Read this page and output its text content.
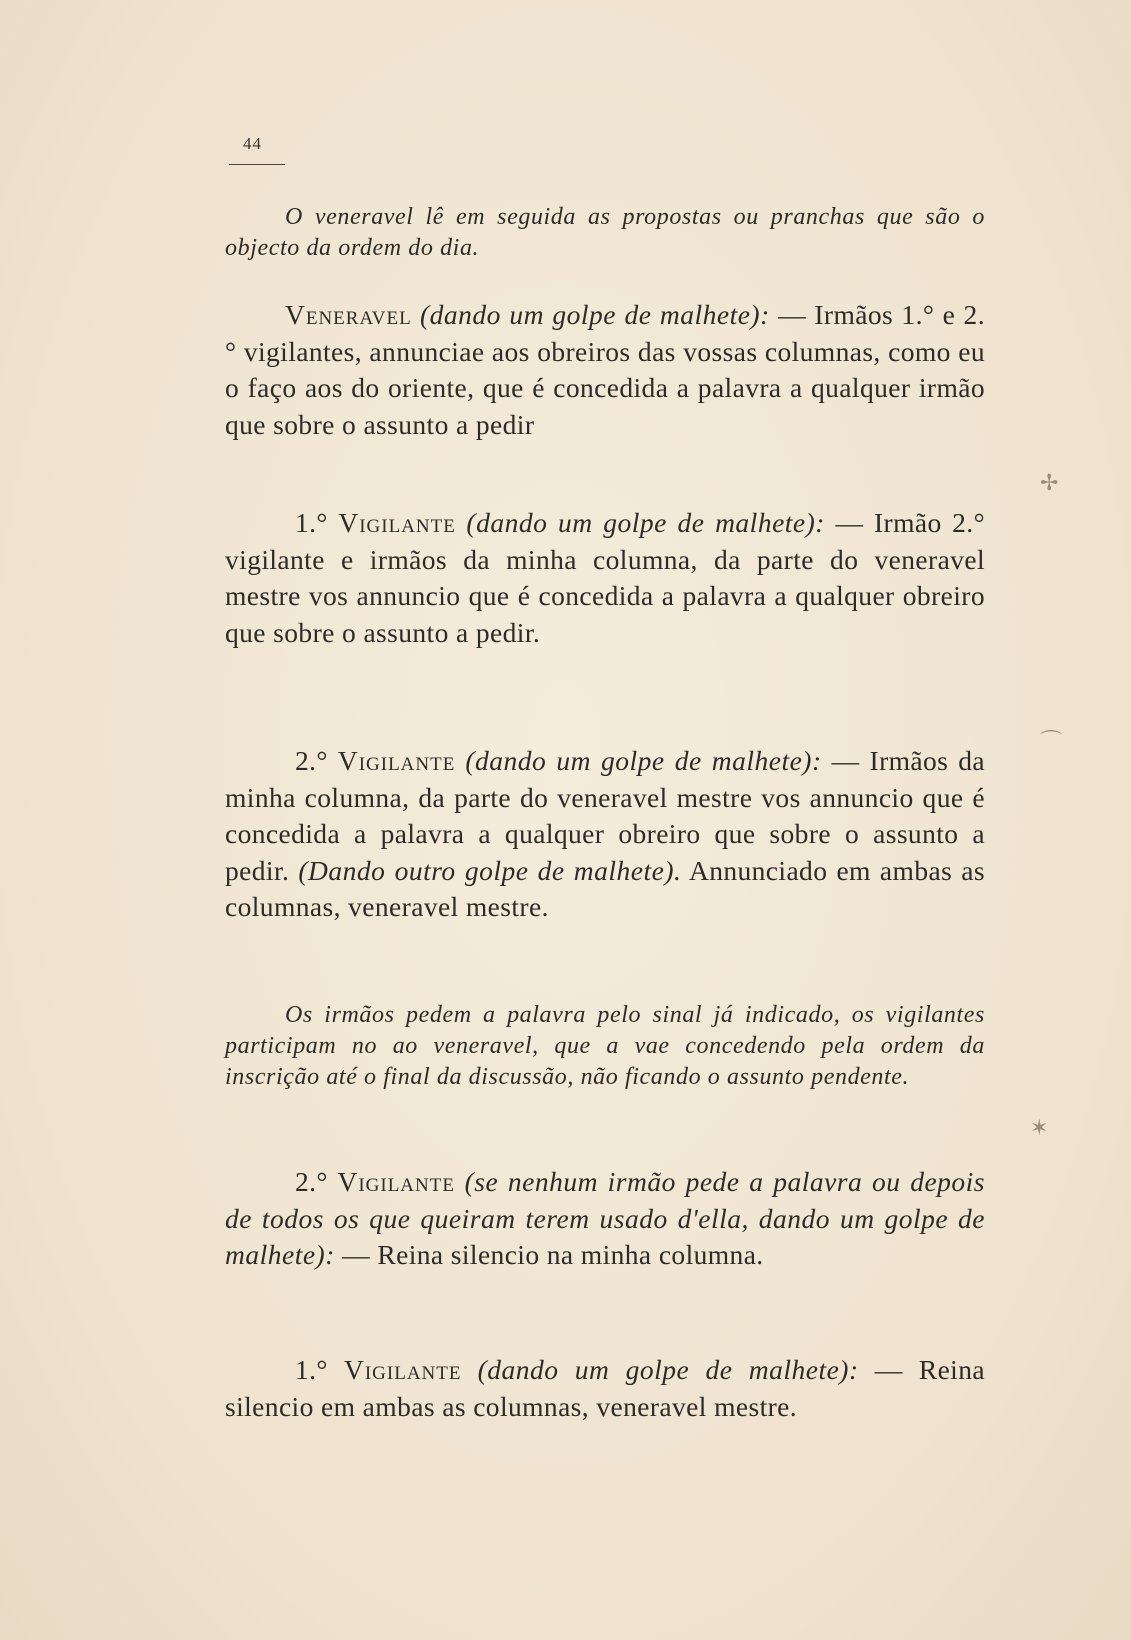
44
O veneravel lê em seguida as propostas ou pranchas que são o objecto da ordem do dia.
Veneravel (dando um golpe de malhete): — Irmãos 1.° e 2.° vigilantes, annunciae aos obreiros das vossas columnas, como eu o faço aos do oriente, que é concedida a palavra a qualquer irmão que sobre o assunto a pedir
1.° Vigilante (dando um golpe de malhete): — Irmão 2.° vigilante e irmãos da minha columna, da parte do veneravel mestre vos annuncio que é concedida a palavra a qualquer obreiro que sobre o assunto a pedir.
2.° Vigilante (dando um golpe de malhete): — Irmãos da minha columna, da parte do veneravel mestre vos annuncio que é concedida a palavra a qualquer obreiro que sobre o assunto a pedir. (Dando outro golpe de malhete). Annunciado em ambas as columnas, veneravel mestre.
Os irmãos pedem a palavra pelo sinal já indicado, os vigilantes participam no ao veneravel, que a vae concedendo pela ordem da inscrição até o final da discussão, não ficando o assunto pendente.
2.° Vigilante (se nenhum irmão pede a palavra ou depois de todos os que queiram terem usado d'ella, dando um golpe de malhete): — Reina silencio na minha columna.
1.° Vigilante (dando um golpe de malhete): — Reina silencio em ambas as columnas, veneravel mestre.
✢
⌒
✶
